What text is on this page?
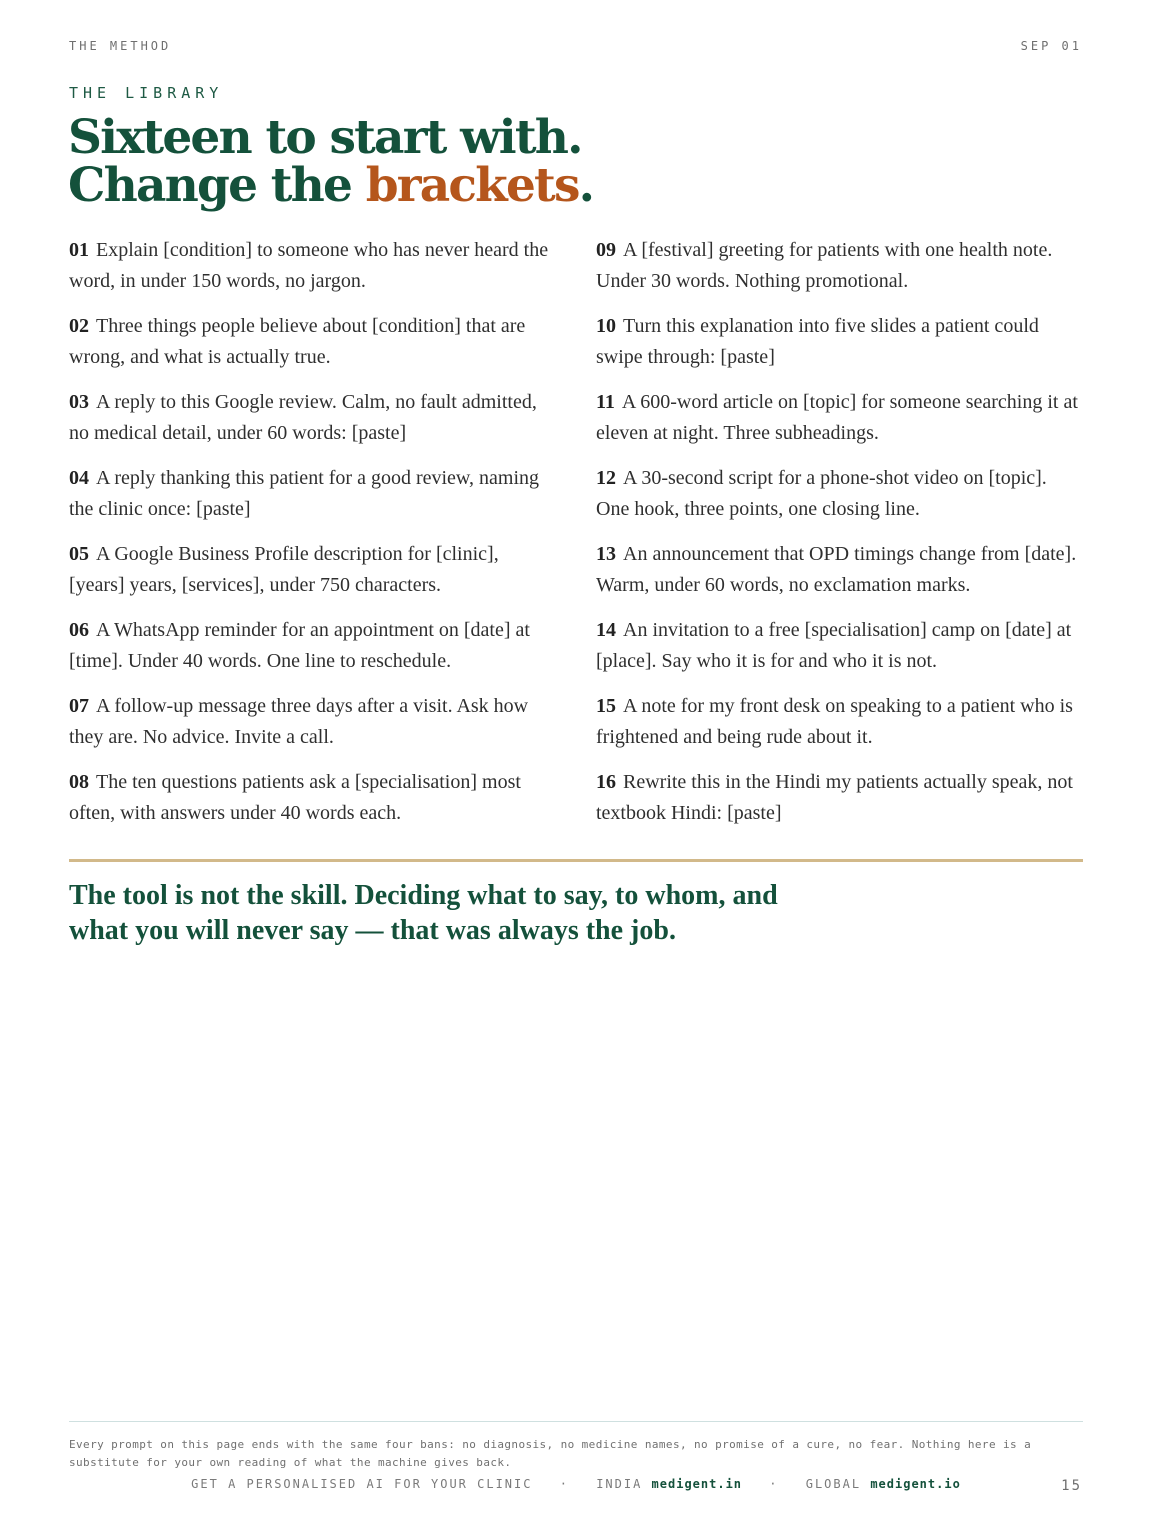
THE METHOD	SEP 01
THE LIBRARY
Sixteen to start with.
Change the brackets.

01 Explain [condition] to someone who has never heard the word, in under 150 words, no jargon.

02 Three things people believe about [condition] that are wrong, and what is actually true.

03 A reply to this Google review. Calm, no fault admitted, no medical detail, under 60 words: [paste]

04 A reply thanking this patient for a good review, naming the clinic once: [paste]

05 A Google Business Profile description for [clinic], [years] years, [services], under 750 characters.

06 A WhatsApp reminder for an appointment on [date] at [time]. Under 40 words. One line to reschedule.

07 A follow-up message three days after a visit. Ask how they are. No advice. Invite a call.

08 The ten questions patients ask a [specialisation] most often, with answers under 40 words each.

09 A [festival] greeting for patients with one health note. Under 30 words. Nothing promotional.

10 Turn this explanation into five slides a patient could swipe through: [paste]

11 A 600-word article on [topic] for someone searching it at eleven at night. Three subheadings.

12 A 30-second script for a phone-shot video on [topic]. One hook, three points, one closing line.

13 An announcement that OPD timings change from [date]. Warm, under 60 words, no exclamation marks.

14 An invitation to a free [specialisation] camp on [date] at [place]. Say who it is for and who it is not.

15 A note for my front desk on speaking to a patient who is frightened and being rude about it.

16 Rewrite this in the Hindi my patients actually speak, not textbook Hindi: [paste]

The tool is not the skill. Deciding what to say, to whom, and what you will never say — that was always the job.

Every prompt on this page ends with the same four bans: no diagnosis, no medicine names, no promise of a cure, no fear. Nothing here is a substitute for your own reading of what the machine gives back.
GET A PERSONALISED AI FOR YOUR CLINIC · INDIA medigent.in · GLOBAL medigent.io	15
